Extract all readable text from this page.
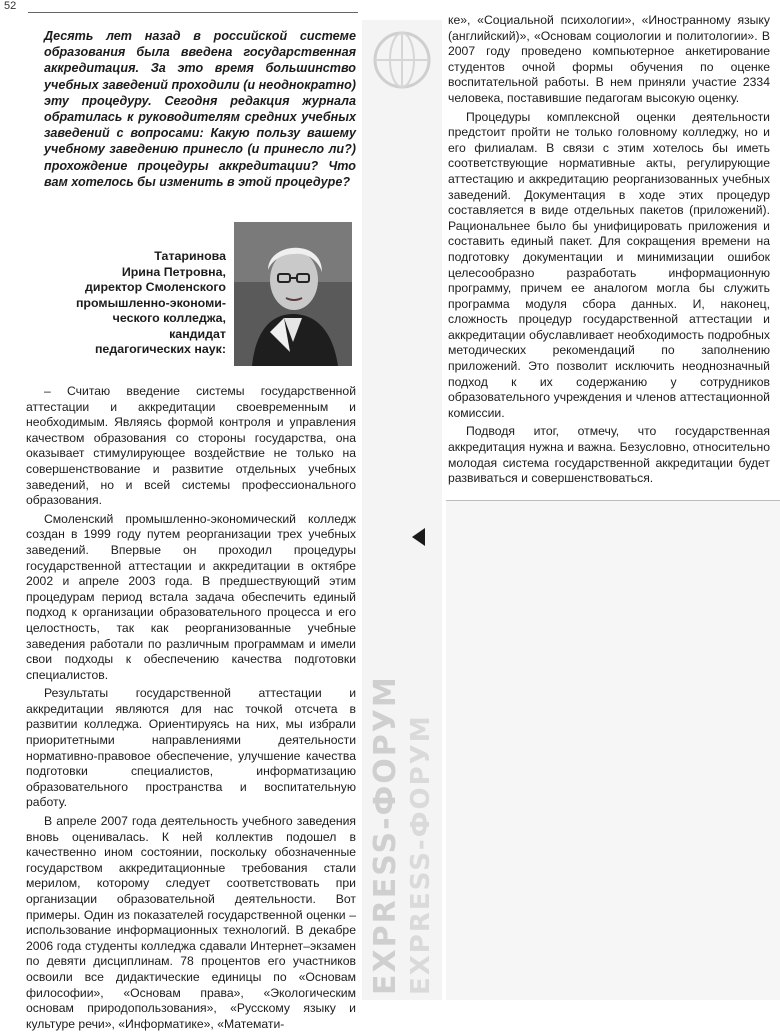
52

Десять лет назад в российской системе образования была введена государственная аккредитация. За это время большинство учебных заведений проходили (и неоднократно) эту процедуру. Сегодня редакция журнала обратилась к руководителям средних учебных заведений с вопросами: Какую пользу вашему учебному заведению принесло (и принесло ли?) прохождение процедуры аккредитации? Что вам хотелось бы изменить в этой процедуре?

Татаринова
Ирина Петровна,
директор Смоленского
промышленно-экономи-
ческого колледжа, кандидат
педагогических наук:

– Считаю введение системы государственной аттестации и аккредитации своевременным и необходимым. Являясь формой контроля и управления качеством образования со стороны государства, она оказывает стимулирующее воздействие не только на совершенствование и развитие отдельных учебных заведений, но и всей системы профессионального образования.

Смоленский промышленно-экономический колледж создан в 1999 году путем реорганизации трех учебных заведений. Впервые он проходил процедуры государственной аттестации и аккредитации в октябре 2002 и апреле 2003 года. В предшествующий этим процедурам период встала задача обеспечить единый подход к организации образовательного процесса и его целостность, так как реорганизованные учебные заведения работали по различным программам и имели свои подходы к обеспечению качества подготовки специалистов.

Результаты государственной аттестации и аккредитации являются для нас точкой отсчета в развитии колледжа. Ориентируясь на них, мы избрали приоритетными направлениями деятельности нормативно-правовое обеспечение, улучшение качества подготовки специалистов, информатизацию образовательного пространства и воспитательную работу.

В апреле 2007 года деятельность учебного заведения вновь оценивалась. К ней коллектив подошел в качественно ином состоянии, поскольку обозначенные государством аккредитационные требования стали мерилом, которому следует соответствовать при организации образовательной деятельности. Вот примеры. Один из показателей государственной оценки – использование информационных технологий. В декабре 2006 года студенты колледжа сдавали Интернет–экзамен по девяти дисциплинам. 78 процентов его участников освоили все дидактические единицы по «Основам философии», «Основам права», «Экологическим основам природопользования», «Русскому языку и культуре речи», «Информатике», «Математи-

EXPRESS-ФОРУМ EXPRESS-ФОРУМ

ке», «Социальной психологии», «Иностранному языку (английский)», «Основам социологии и политологии». В 2007 году проведено компьютерное анкетирование студентов очной формы обучения по оценке воспитательной работы. В нем приняли участие 2334 человека, поставившие педагогам высокую оценку.

Процедуры комплексной оценки деятельности предстоит пройти не только головному колледжу, но и его филиалам. В связи с этим хотелось бы иметь соответствующие нормативные акты, регулирующие аттестацию и аккредитацию реорганизованных учебных заведений. Документация в ходе этих процедур составляется в виде отдельных пакетов (приложений). Рациональнее было бы унифицировать приложения и составить единый пакет. Для сокращения времени на подготовку документации и минимизации ошибок целесообразно разработать информационную программу, причем ее аналогом могла бы служить программа модуля сбора данных. И, наконец, сложность процедур государственной аттестации и аккредитации обуславливает необходимость подробных методических рекомендаций по заполнению приложений. Это позволит исключить неоднозначный подход к их содержанию у сотрудников образовательного учреждения и членов аттестационной комиссии.

Подводя итог, отмечу, что государственная аккредитация нужна и важна. Безусловно, относительно молодая система государственной аккредитации будет развиваться и совершенствоваться.
